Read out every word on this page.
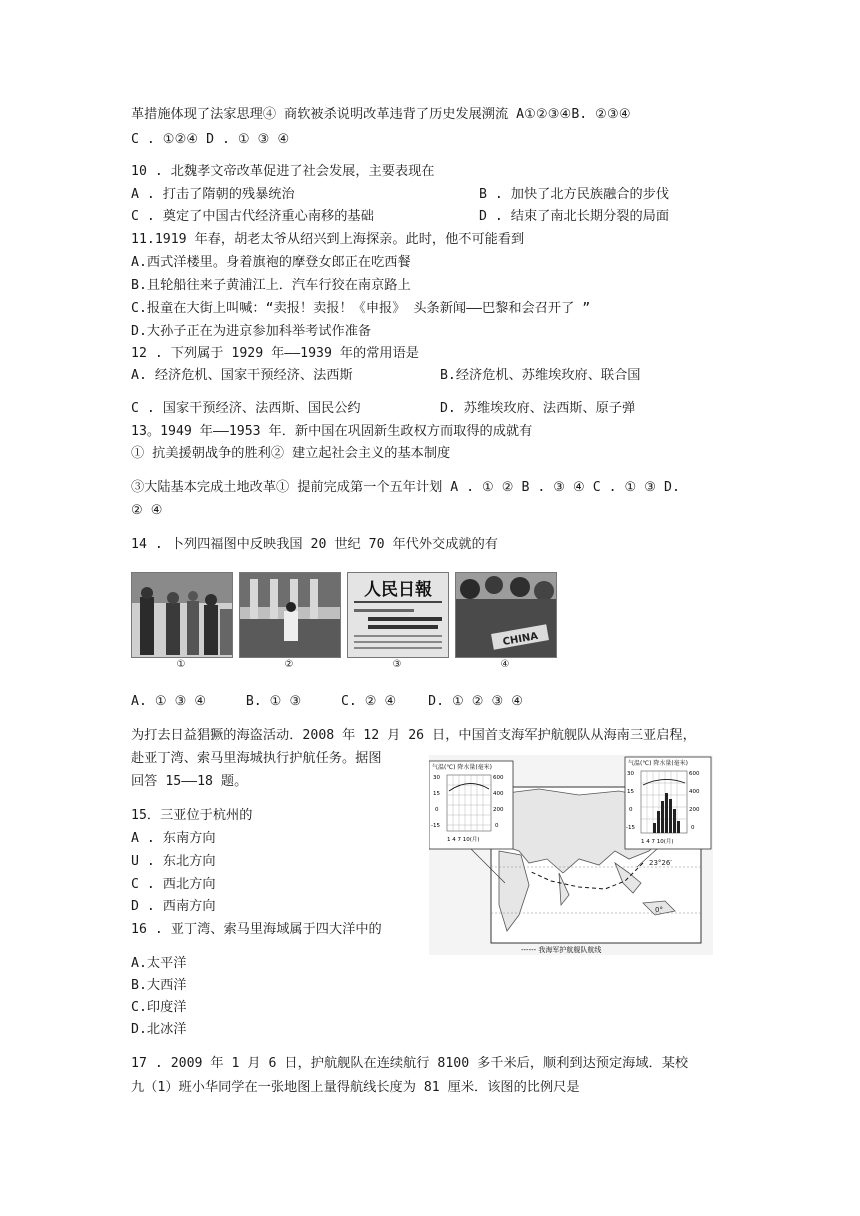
革措施体现了法家思理④ 商软被杀说明改革违背了历史发展溯流 A①②③④B. ②③④
C . ①②④ D . ① ③ ④
10 . 北魏孝文帝改革促进了社会发展，主要表现在
A . 打击了隋朝的残暴统治	B . 加快了北方民族融合的步伐
C . 奠定了中国古代经济重心南移的基础	D . 结束了南北长期分裂的局面
11.1919 年春，胡老太爷从绍兴到上海探亲。此时，他不可能看到
A.西式洋楼里。身着旗袍的摩登女郎正在吃西餐
B.且轮船往来子黄浦江上．汽车行狡在南京路上
C.报童在大街上叫喊：“卖报！卖报！《申报》 头条新闻——巴黎和会召开了 ”
D.大孙子正在为进京参加科举考试作准备
12 . 下列属于 1929 年——1939 年的常用语是
A. 经济危机、国家干预经济、法西斯           B.经济危机、苏维埃玫府、联合国
C . 国家干预经济、法西斯、国民公约          D. 苏维埃玫府、法西斯、原子弹
13。1949 年——1953 年．新中国在巩固新生政权方而取得的成就有
① 抗美援朝战争的胜利② 建立起社会主义的基本制度
③大陆基本完成土地改革① 提前完成第一个五年计划 A . ① ② B . ③ ④ C . ① ③ D.
② ④
14 . 卜列四福图中反映我国 20 世纪 70 年代外交成就的有
人民日報
CHINA
①	②	③	④
A. ① ③ ④     B. ① ③     C. ② ④    D. ① ② ③ ④
为打去日益猖獗的海盗活动．2008 年 12 月 26 日，中国首支海军护航舰队从海南三亚启程，
赴亚丁湾、索马里海城执行护航任务。据图
回答 15——18 题。
15．三亚位于杭州的
A . 东南方向
U . 东北方向
C . 西北方向
D . 西南方向
16 . 亚丁湾、索马里海域属于四大洋中的
A.太平洋
B.大西洋
C.印度洋
D.北冰洋
17 . 2009 年 1 月 6 日，护航舰队在连续航行 8100 多千米后，顺利到达预定海域．某校
九（1）班小华同学在一张地图上量得航线长度为 81 厘米．该图的比例尺是
23°26′
0°
气温(℃) 降水量(毫米)
30
15
0
-15
600
400
200
0
1 4 7 10(月)
气温(℃) 降水量(毫米)
30
15
0
-15
600
400
200
0
1 4 7 10(月)
------ 我海军护航舰队航线
